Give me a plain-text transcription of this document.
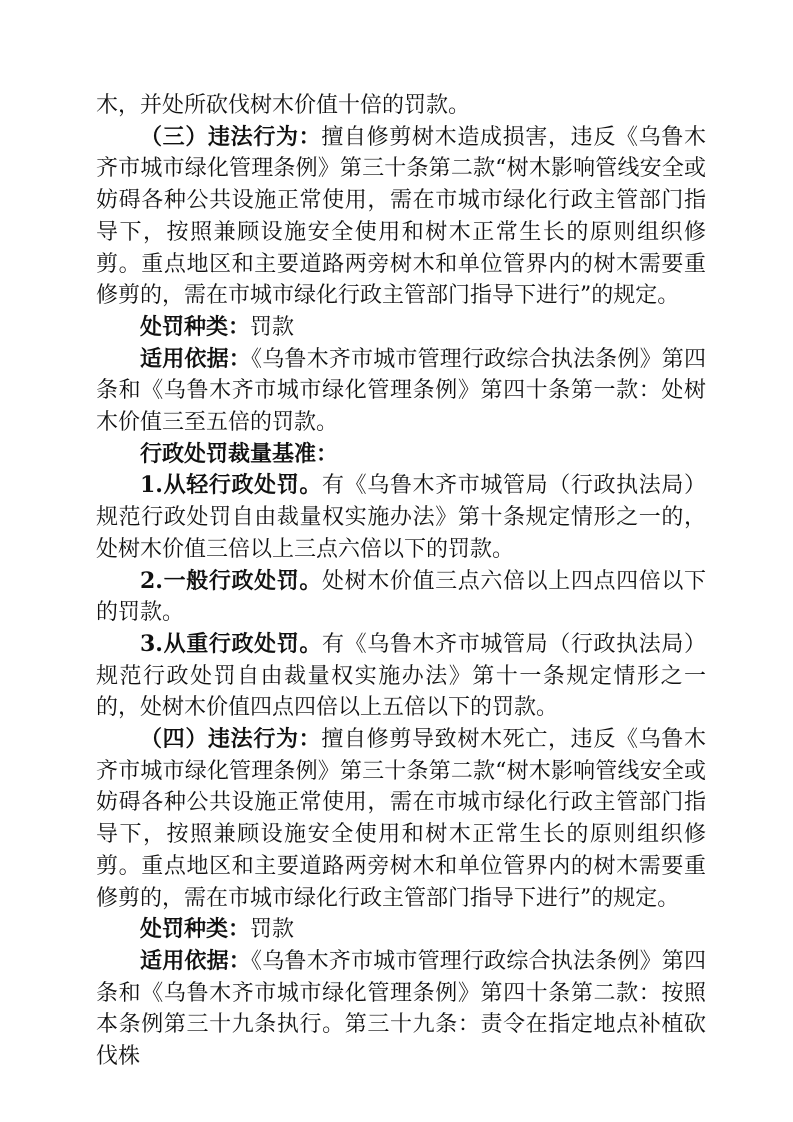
木，并处所砍伐树木价值十倍的罚款。

（三）违法行为：擅自修剪树木造成损害，违反《乌鲁木齐市城市绿化管理条例》第三十条第二款“树木影响管线安全或妨碍各种公共设施正常使用，需在市城市绿化行政主管部门指导下，按照兼顾设施安全使用和树木正常生长的原则组织修剪。重点地区和主要道路两旁树木和单位管界内的树木需要重修剪的，需在市城市绿化行政主管部门指导下进行”的规定。

处罚种类：罚款

适用依据：《乌鲁木齐市城市管理行政综合执法条例》第四条和《乌鲁木齐市城市绿化管理条例》第四十条第一款：处树木价值三至五倍的罚款。

行政处罚裁量基准：

1.从轻行政处罚。有《乌鲁木齐市城管局（行政执法局）规范行政处罚自由裁量权实施办法》第十条规定情形之一的，处树木价值三倍以上三点六倍以下的罚款。

2.一般行政处罚。处树木价值三点六倍以上四点四倍以下的罚款。

3.从重行政处罚。有《乌鲁木齐市城管局（行政执法局）规范行政处罚自由裁量权实施办法》第十一条规定情形之一的，处树木价值四点四倍以上五倍以下的罚款。

（四）违法行为：擅自修剪导致树木死亡，违反《乌鲁木齐市城市绿化管理条例》第三十条第二款“树木影响管线安全或妨碍各种公共设施正常使用，需在市城市绿化行政主管部门指导下，按照兼顾设施安全使用和树木正常生长的原则组织修剪。重点地区和主要道路两旁树木和单位管界内的树木需要重修剪的，需在市城市绿化行政主管部门指导下进行”的规定。

处罚种类：罚款

适用依据：《乌鲁木齐市城市管理行政综合执法条例》第四条和《乌鲁木齐市城市绿化管理条例》第四十条第二款：按照本条例第三十九条执行。第三十九条：责令在指定地点补植砍伐株
